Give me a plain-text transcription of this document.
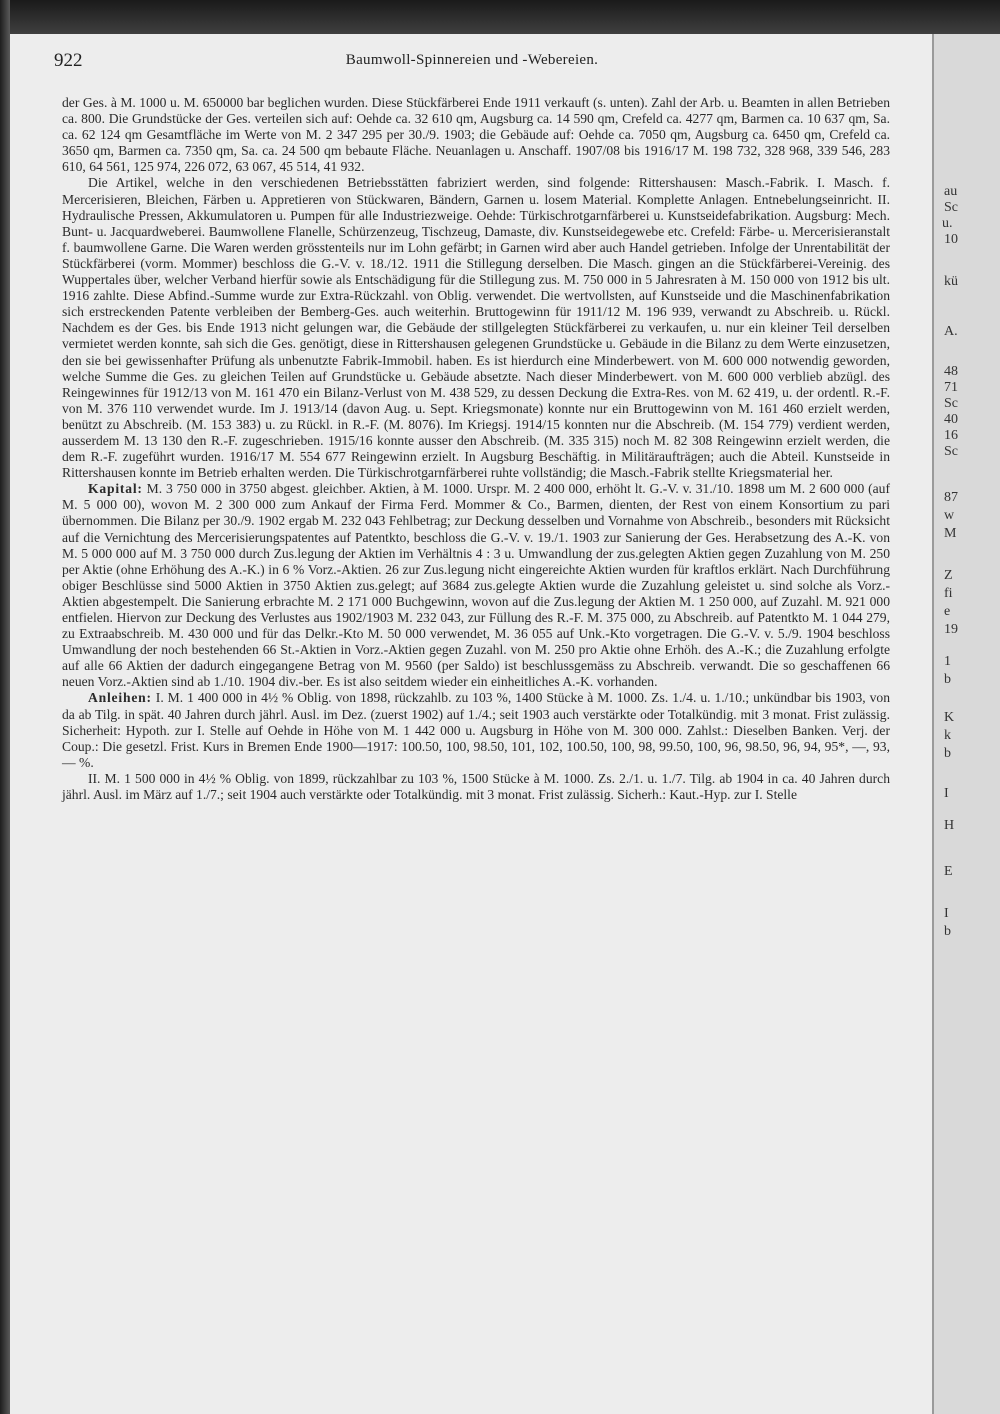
922	Baumwoll-Spinnereien und -Webereien.

der Ges. à M. 1000 u. M. 650000 bar beglichen wurden. Diese Stückfärberei Ende 1911 verkauft (s. unten). Zahl der Arb. u. Beamten in allen Betrieben ca. 800. Die Grundstücke der Ges. verteilen sich auf: Oehde ca. 32 610 qm, Augsburg ca. 14 590 qm, Crefeld ca. 4277 qm, Barmen ca. 10 637 qm, Sa. ca. 62 124 qm Gesamtfläche im Werte von M. 2 347 295 per 30./9. 1903; die Gebäude auf: Oehde ca. 7050 qm, Augsburg ca. 6450 qm, Crefeld ca. 3650 qm, Barmen ca. 7350 qm, Sa. ca. 24 500 qm bebaute Fläche. Neuanlagen u. Anschaff. 1907/08 bis 1916/17 M. 198 732, 328 968, 339 546, 283 610, 64 561, 125 974, 226 072, 63 067, 45 514, 41 932.

Die Artikel, welche in den verschiedenen Betriebsstätten fabriziert werden, sind folgende: Rittershausen: Masch.-Fabrik. I. Masch. f. Mercerisieren, Bleichen, Färben u. Appretieren von Stückwaren, Bändern, Garnen u. losem Material. Komplette Anlagen. Entnebelungseinricht. II. Hydraulische Pressen, Akkumulatoren u. Pumpen für alle Industriezweige. Oehde: Türkischrotgarnfärberei u. Kunstseidefabrikation. Augsburg: Mech. Bunt- u. Jacquardweberei. Baumwollene Flanelle, Schürzenzeug, Tischzeug, Damaste, div. Kunstseidegewebe etc. Crefeld: Färbe- u. Mercerisieranstalt f. baumwollene Garne. Die Waren werden grösstenteils nur im Lohn gefärbt; in Garnen wird aber auch Handel getrieben. Infolge der Unrentabilität der Stückfärberei (vorm. Mommer) beschloss die G.-V. v. 18./12. 1911 die Stillegung derselben. Die Masch. gingen an die Stückfärberei-Vereinig. des Wuppertales über, welcher Verband hierfür sowie als Entschädigung für die Stillegung zus. M. 750 000 in 5 Jahresraten à M. 150 000 von 1912 bis ult. 1916 zahlte. Diese Abfind.-Summe wurde zur Extra-Rückzahl. von Oblig. verwendet. Die wertvollsten, auf Kunstseide und die Maschinenfabrikation sich erstreckenden Patente verbleiben der Bemberg-Ges. auch weiterhin. Bruttogewinn für 1911/12 M. 196 939, verwandt zu Abschreib. u. Rückl. Nachdem es der Ges. bis Ende 1913 nicht gelungen war, die Gebäude der stillgelegten Stückfärberei zu verkaufen, u. nur ein kleiner Teil derselben vermietet werden konnte, sah sich die Ges. genötigt, diese in Rittershausen gelegenen Grundstücke u. Gebäude in die Bilanz zu dem Werte einzusetzen, den sie bei gewissenhafter Prüfung als unbenutzte Fabrik-Immobil. haben. Es ist hierdurch eine Minderbewert. von M. 600 000 notwendig geworden, welche Summe die Ges. zu gleichen Teilen auf Grundstücke u. Gebäude absetzte. Nach dieser Minderbewert. von M. 600 000 verblieb abzügl. des Reingewinnes für 1912/13 von M. 161 470 ein Bilanz-Verlust von M. 438 529, zu dessen Deckung die Extra-Res. von M. 62 419, u. der ordentl. R.-F. von M. 376 110 verwendet wurde. Im J. 1913/14 (davon Aug. u. Sept. Kriegsmonate) konnte nur ein Bruttogewinn von M. 161 460 erzielt werden, benützt zu Abschreib. (M. 153 383) u. zu Rückl. in R.-F. (M. 8076). Im Kriegsj. 1914/15 konnten nur die Abschreib. (M. 154 779) verdient werden, ausserdem M. 13 130 den R.-F. zugeschrieben. 1915/16 konnte ausser den Abschreib. (M. 335 315) noch M. 82 308 Reingewinn erzielt werden, die dem R.-F. zugeführt wurden. 1916/17 M. 554 677 Reingewinn erzielt. In Augsburg Beschäftig. in Militäraufträgen; auch die Abteil. Kunstseide in Rittershausen konnte im Betrieb erhalten werden. Die Türkischrotgarnfärberei ruhte vollständig; die Masch.-Fabrik stellte Kriegsmaterial her.

Kapital: M. 3 750 000 in 3750 abgest. gleichber. Aktien, à M. 1000. Urspr. M. 2 400 000, erhöht lt. G.-V. v. 31./10. 1898 um M. 2 600 000 (auf M. 5 000 00), wovon M. 2 300 000 zum Ankauf der Firma Ferd. Mommer & Co., Barmen, dienten, der Rest von einem Konsortium zu pari übernommen. Die Bilanz per 30./9. 1902 ergab M. 232 043 Fehlbetrag; zur Deckung desselben und Vornahme von Abschreib., besonders mit Rücksicht auf die Vernichtung des Mercerisierungspatentes auf Patentkto, beschloss die G.-V. v. 19./1. 1903 zur Sanierung der Ges. Herabsetzung des A.-K. von M. 5 000 000 auf M. 3 750 000 durch Zus.legung der Aktien im Verhältnis 4 : 3 u. Umwandlung der zus.gelegten Aktien gegen Zuzahlung von M. 250 per Aktie (ohne Erhöhung des A.-K.) in 6 % Vorz.-Aktien. 26 zur Zus.legung nicht eingereichte Aktien wurden für kraftlos erklärt. Nach Durchführung obiger Beschlüsse sind 5000 Aktien in 3750 Aktien zus.gelegt; auf 3684 zus.gelegte Aktien wurde die Zuzahlung geleistet u. sind solche als Vorz.-Aktien abgestempelt. Die Sanierung erbrachte M. 2 171 000 Buchgewinn, wovon auf die Zus.legung der Aktien M. 1 250 000, auf Zuzahl. M. 921 000 entfielen. Hiervon zur Deckung des Verlustes aus 1902/1903 M. 232 043, zur Füllung des R.-F. M. 375 000, zu Abschreib. auf Patentkto M. 1 044 279, zu Extraabschreib. M. 430 000 und für das Delkr.-Kto M. 50 000 verwendet, M. 36 055 auf Unk.-Kto vorgetragen. Die G.-V. v. 5./9. 1904 beschloss Umwandlung der noch bestehenden 66 St.-Aktien in Vorz.-Aktien gegen Zuzahl. von M. 250 pro Aktie ohne Erhöh. des A.-K.; die Zuzahlung erfolgte auf alle 66 Aktien der dadurch eingegangene Betrag von M. 9560 (per Saldo) ist beschlussgemäss zu Abschreib. verwandt. Die so geschaffenen 66 neuen Vorz.-Aktien sind ab 1./10. 1904 div.-ber. Es ist also seitdem wieder ein einheitliches A.-K. vorhanden.

Anleihen: I. M. 1 400 000 in 4½ % Oblig. von 1898, rückzahlb. zu 103 %, 1400 Stücke à M. 1000. Zs. 1./4. u. 1./10.; unkündbar bis 1903, von da ab Tilg. in spät. 40 Jahren durch jährl. Ausl. im Dez. (zuerst 1902) auf 1./4.; seit 1903 auch verstärkte oder Totalkündig. mit 3 monat. Frist zulässig. Sicherheit: Hypoth. zur I. Stelle auf Oehde in Höhe von M. 1 442 000 u. Augsburg in Höhe von M. 300 000. Zahlst.: Dieselben Banken. Verj. der Coup.: Die gesetzl. Frist. Kurs in Bremen Ende 1900—1917: 100.50, 100, 98.50, 101, 102, 100.50, 100, 98, 99.50, 100, 96, 98.50, 96, 94, 95*, —, 93, — %.

II. M. 1 500 000 in 4½ % Oblig. von 1899, rückzahlbar zu 103 %, 1500 Stücke à M. 1000. Zs. 2./1. u. 1./7. Tilg. ab 1904 in ca. 40 Jahren durch jährl. Ausl. im März auf 1./7.; seit 1904 auch verstärkte oder Totalkündig. mit 3 monat. Frist zulässig. Sicherh.: Kaut.-Hyp. zur I. Stelle

au
Sc
u.
10
kü
A.
48
71
Sc
40
16
Sc
87
w
M
Z
fi
e
19
1
b
K
k
b
I
H
E
I
b
